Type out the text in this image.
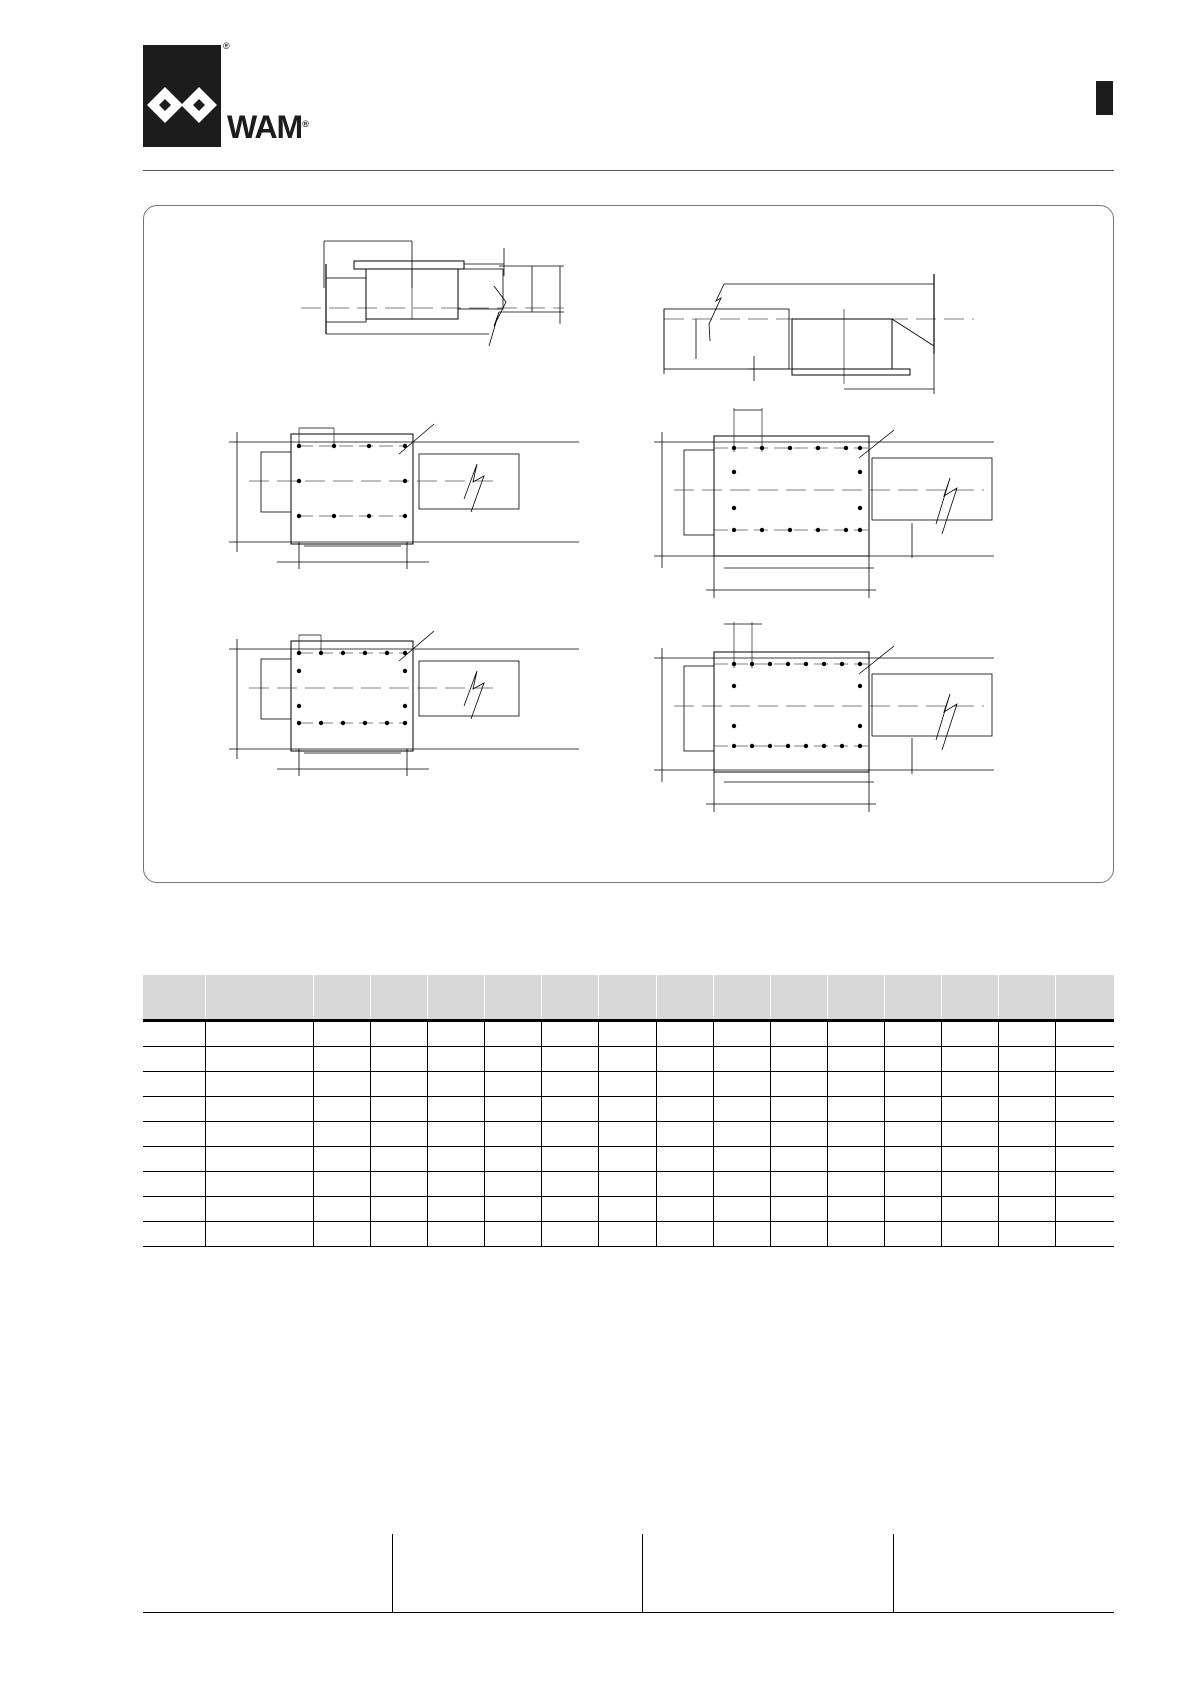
®
WAM®
